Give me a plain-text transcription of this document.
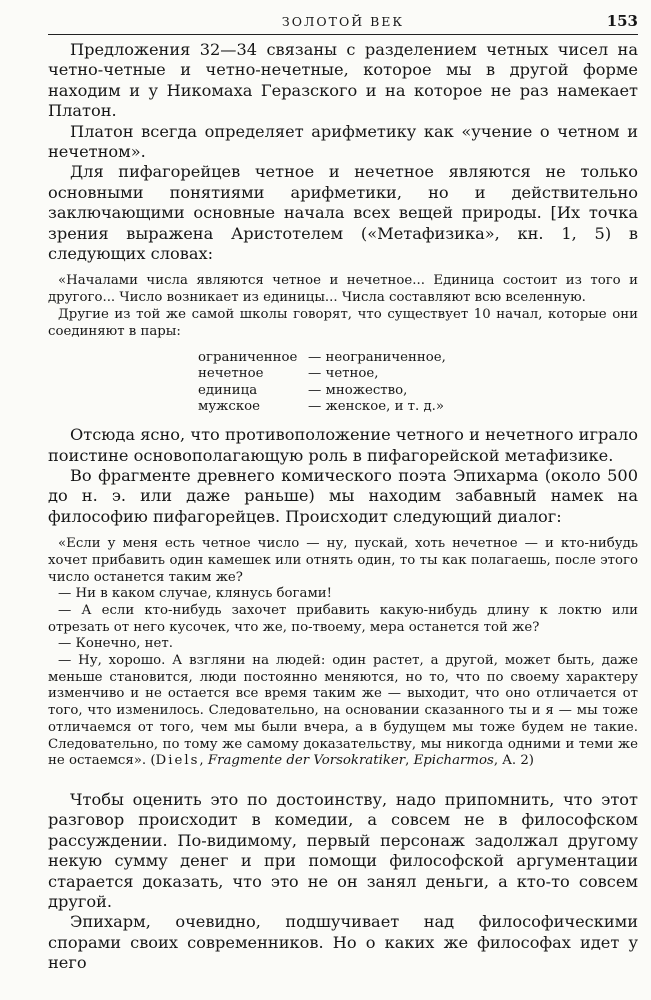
ЗОЛОТОЙ ВЕК	153

Предложения 32—34 связаны с разделением четных чисел на четно-четные и четно-нечетные, которое мы в другой форме находим и у Никомаха Геразского и на которое не раз намекает Платон.

Платон всегда определяет арифметику как «учение о четном и нечетном».

Для пифагорейцев четное и нечетное являются не только основными понятиями арифметики, но и действительно заключающими основные начала всех вещей природы. [Их точка зрения выражена Аристотелем («Метафизика», кн. 1, 5) в следующих словах:

«Началами числа являются четное и нечетное... Единица состоит из того и другого... Число возникает из единицы... Числа составляют всю вселенную.

Другие из той же самой школы говорят, что существует 10 начал, которые они соединяют в пары:

ограниченное	— неограниченное,
нечетное	— четное,
единица	— множество,
мужское	— женское, и т. д.»

Отсюда ясно, что противоположение четного и нечетного играло поистине основополагающую роль в пифагорейской метафизике.

Во фрагменте древнего комического поэта Эпихарма (около 500 до н. э. или даже раньше) мы находим забавный намек на философию пифагорейцев. Происходит следующий диалог:

«Если у меня есть четное число — ну, пускай, хоть нечетное — и кто-нибудь хочет прибавить один камешек или отнять один, то ты как полагаешь, после этого число останется таким же?

— Ни в каком случае, клянусь богами!

— А если кто-нибудь захочет прибавить какую-нибудь длину к локтю или отрезать от него кусочек, что же, по-твоему, мера останется той же?

— Конечно, нет.

— Ну, хорошо. А взгляни на людей: один растет, а другой, может быть, даже меньше становится, люди постоянно меняются, но то, что по своему характеру изменчиво и не остается все время таким же — выходит, что оно отличается от того, что изменилось. Следовательно, на основании сказанного ты и я — мы тоже отличаемся от того, чем мы были вчера, а в будущем мы тоже будем не такие. Следовательно, по тому же самому доказательству, мы никогда одними и теми же не остаемся». (Diels, Fragmente der Vorsokratiker, Epicharmos, A. 2)

Чтобы оценить это по достоинству, надо припомнить, что этот разговор происходит в комедии, а совсем не в философском рассуждении. По-видимому, первый персонаж задолжал другому некую сумму денег и при помощи философской аргументации старается доказать, что это не он занял деньги, а кто-то совсем другой.

Эпихарм, очевидно, подшучивает над философическими спорами своих современников. Но о каких же философах идет у него
